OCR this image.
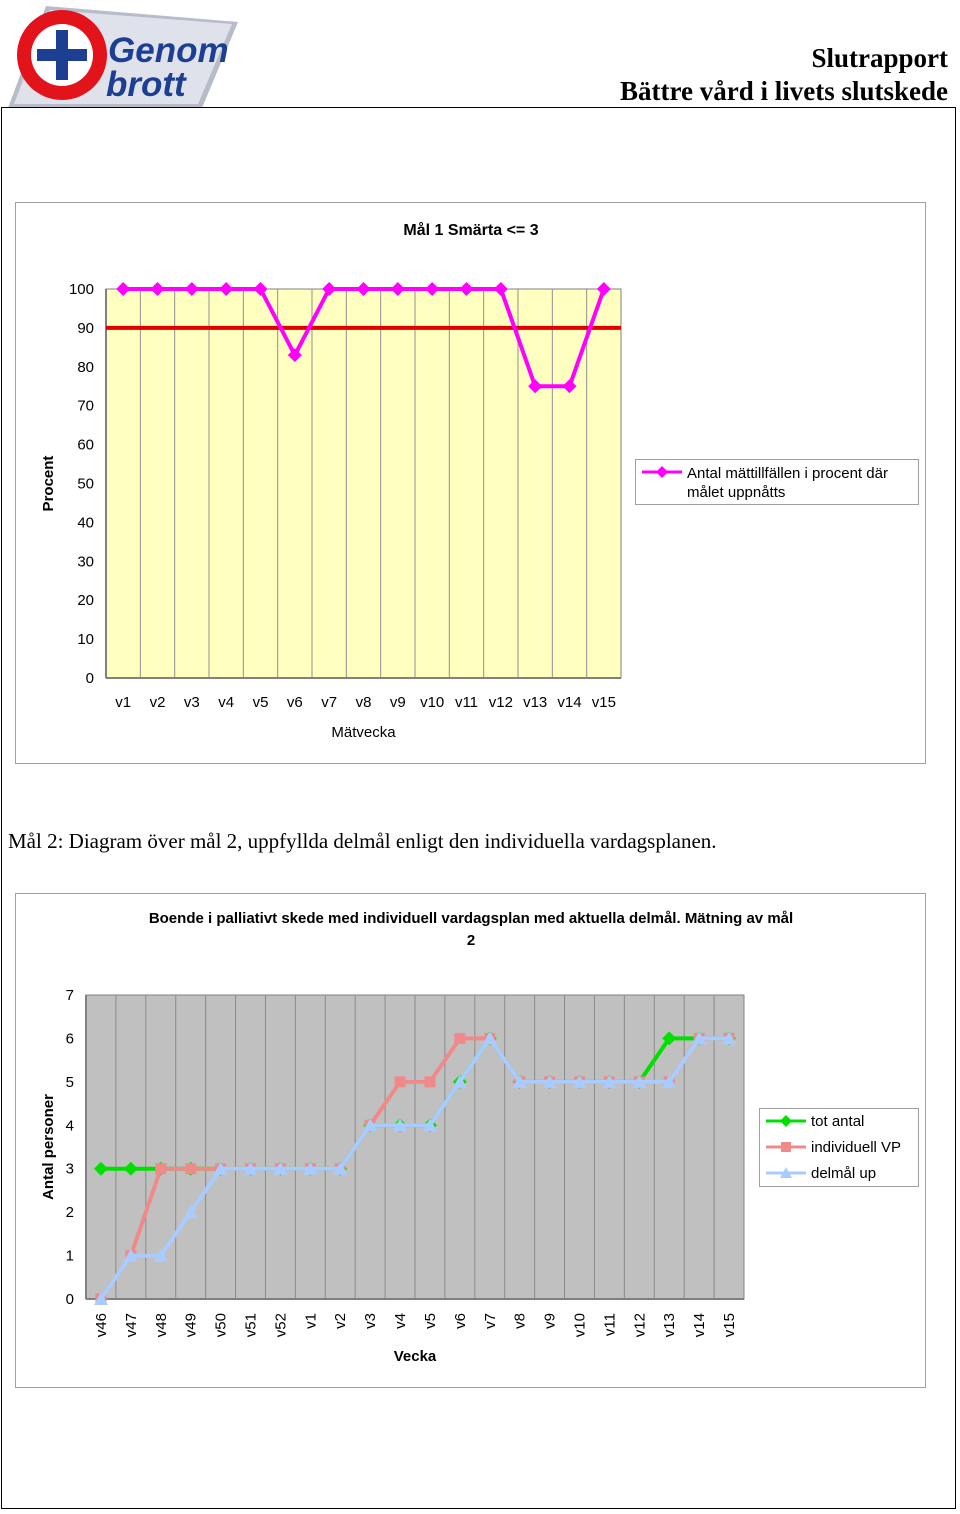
Genom
brott
Slutrapport
Bättre vård i livets slutskede
Mål 1 Smärta <= 3
0
10
20
30
40
50
60
70
80
90
100
v1 v2 v3 v4 v5 v6 v7 v8 v9 v10 v11 v12 v13 v14 v15
Mätvecka
Procent	Antal mättillfällen i procent där målet uppnåtts
Mål 2: Diagram över mål 2, uppfyllda delmål enligt den individuella vardagsplanen.
Boende i palliativt skede med individuell vardagsplan med aktuella delmål. Mätning av mål
2
0
1
2
3
4
5
6
7
v46 v47 v48 v49 v50 v51 v52 v1 v2 v3 v4 v5 v6 v7 v8 v9 v10 v11 v12 v13 v14 v15
Vecka
Antal personer	tot antal
individuell VP
delmål up
